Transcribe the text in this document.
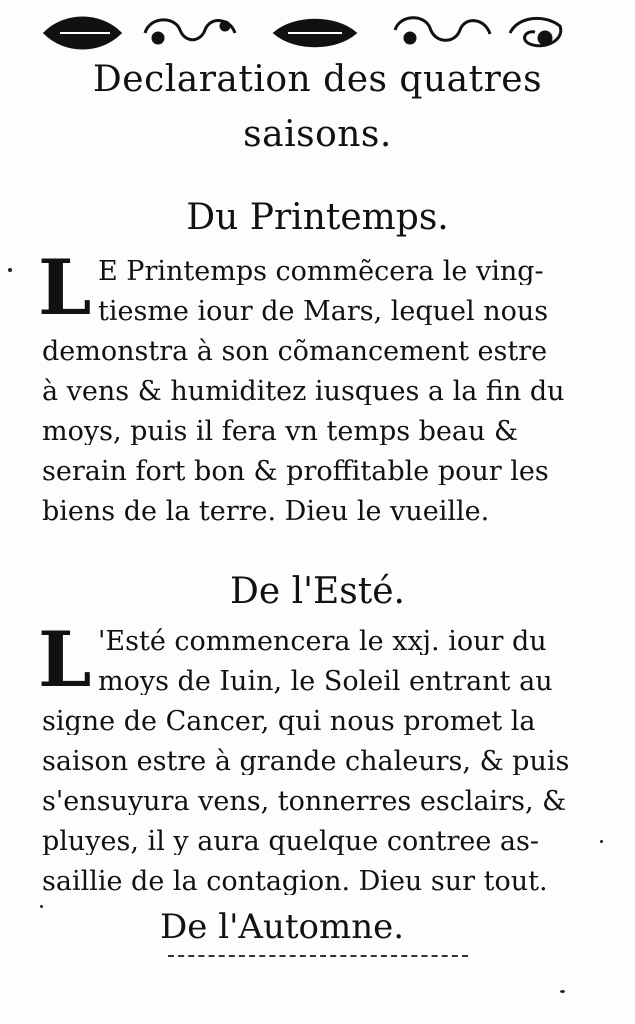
Declaration des quatres
saisons.
Du Printemps.
L E Printemps commẽcera le ving-
tiesme iour de Mars, lequel nous
demonstra à son cõmancement estre
à vens & humiditez iusques a la fin du
moys, puis il fera vn temps beau &
serain fort bon & proffitable pour les
biens de la terre. Dieu le vueille.
De l'Esté.
L 'Esté commencera le xxj. iour du
moys de Iuin, le Soleil entrant au
signe de Cancer, qui nous promet la
saison estre à grande chaleurs, & puis
s'ensuyura vens, tonnerres esclairs, &
pluyes, il y aura quelque contree as-
saillie de la contagion. Dieu sur tout.
De l'Automne.
